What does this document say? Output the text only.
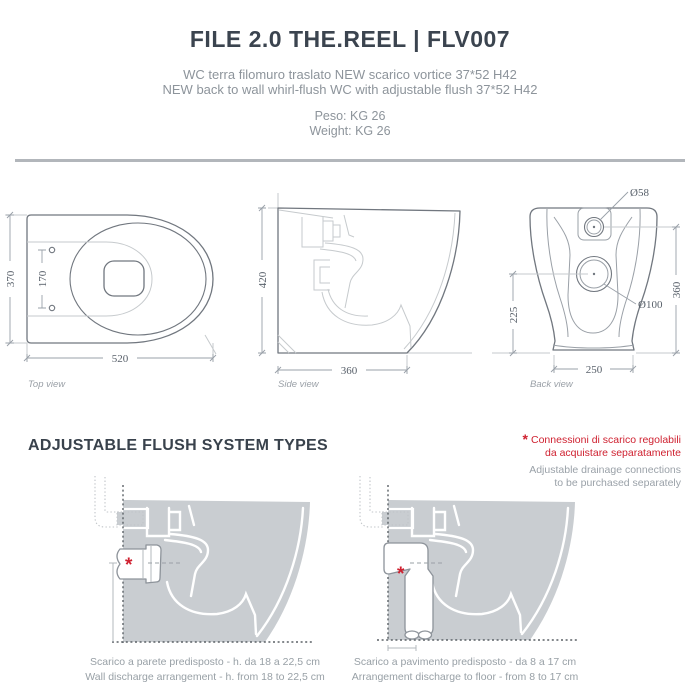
FILE 2.0 THE.REEL | FLV007

WC terra filomuro traslato NEW scarico vortice 37*52 H42

NEW back to wall whirl-flush WC with adjustable flush 37*52 H42

Peso: KG 26

Weight: KG 26

370 170
520
Top view
420
360
Side view
Ø58
Ø100
360
225
250
Back view
ADJUSTABLE FLUSH SYSTEM TYPES	* Connessioni di scarico regolabili
da acquistare separatamente
Adjustable drainage connections
to be purchased separately
*
Scarico a parete predisposto - h. da 18 a 22,5 cm
Wall discharge arrangement - h. from 18 to 22,5 cm
*
Scarico a pavimento predisposto - da 8 a 17 cm
Arrangement discharge to floor - from 8 to 17 cm
